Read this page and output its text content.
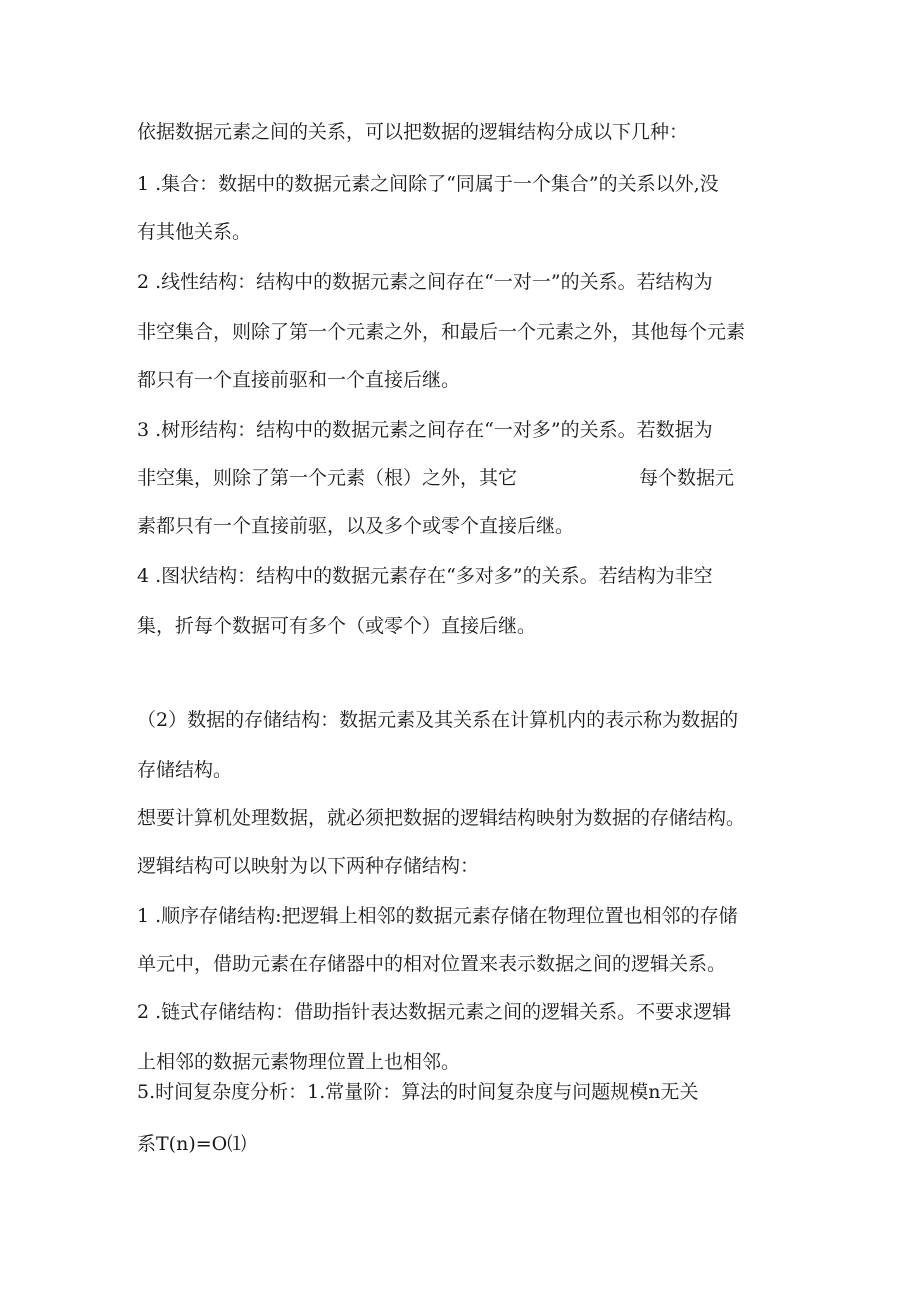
依据数据元素之间的关系，可以把数据的逻辑结构分成以下几种：
1 .集合：数据中的数据元素之间除了“同属于一个集合”的关系以外,没
有其他关系。
2 .线性结构：结构中的数据元素之间存在“一对一”的关系。若结构为
非空集合，则除了第一个元素之外，和最后一个元素之外，其他每个元素
都只有一个直接前驱和一个直接后继。
3 .树形结构：结构中的数据元素之间存在“一对多”的关系。若数据为
非空集，则除了第一个元素（根）之外，其它	每个数据元
素都只有一个直接前驱，以及多个或零个直接后继。
4 .图状结构：结构中的数据元素存在“多对多”的关系。若结构为非空
集，折每个数据可有多个（或零个）直接后继。
（2）数据的存储结构：数据元素及其关系在计算机内的表示称为数据的
存储结构。
想要计算机处理数据，就必须把数据的逻辑结构映射为数据的存储结构。
逻辑结构可以映射为以下两种存储结构：
1 .顺序存储结构:把逻辑上相邻的数据元素存储在物理位置也相邻的存储
单元中，借助元素在存储器中的相对位置来表示数据之间的逻辑关系。
2 .链式存储结构：借助指针表达数据元素之间的逻辑关系。不要求逻辑
上相邻的数据元素物理位置上也相邻。
5.时间复杂度分析：1.常量阶：算法的时间复杂度与问题规模n无关
系T(n)=O⑴
